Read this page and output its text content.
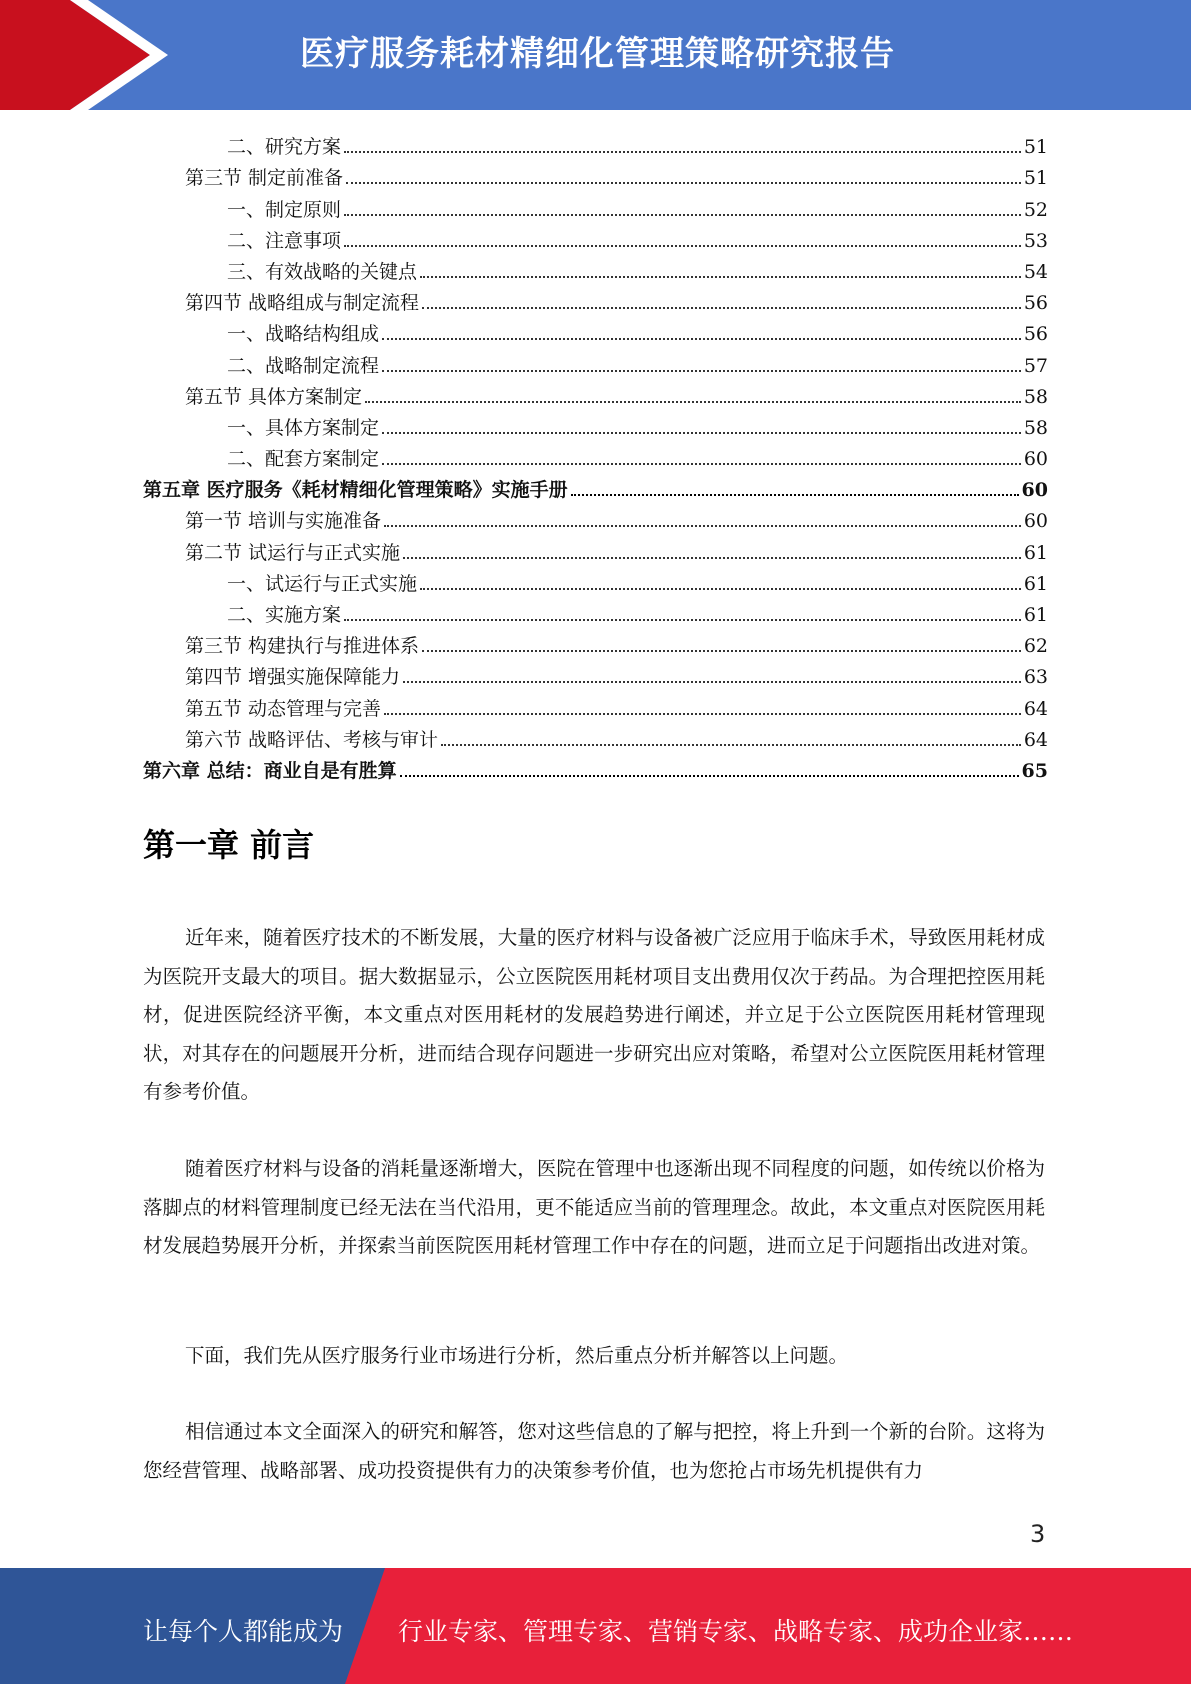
医疗服务耗材精细化管理策略研究报告
二、研究方案	51
第三节 制定前准备	51
一、制定原则	52
二、注意事项	53
三、有效战略的关键点	54
第四节 战略组成与制定流程	56
一、战略结构组成	56
二、战略制定流程	57
第五节 具体方案制定	58
一、具体方案制定	58
二、配套方案制定	60
第五章 医疗服务《耗材精细化管理策略》实施手册	60
第一节 培训与实施准备	60
第二节 试运行与正式实施	61
一、试运行与正式实施	61
二、实施方案	61
第三节 构建执行与推进体系	62
第四节 增强实施保障能力	63
第五节 动态管理与完善	64
第六节 战略评估、考核与审计	64
第六章 总结：商业自是有胜算	65
第一章 前言

近年来，随着医疗技术的不断发展，大量的医疗材料与设备被广泛应用于临床手术，导致医用耗材成为医院开支最大的项目。据大数据显示，公立医院医用耗材项目支出费用仅次于药品。为合理把控医用耗材，促进医院经济平衡，本文重点对医用耗材的发展趋势进行阐述，并立足于公立医院医用耗材管理现状，对其存在的问题展开分析，进而结合现存问题进一步研究出应对策略，希望对公立医院医用耗材管理有参考价值。

随着医疗材料与设备的消耗量逐渐增大，医院在管理中也逐渐出现不同程度的问题，如传统以价格为落脚点的材料管理制度已经无法在当代沿用，更不能适应当前的管理理念。故此，本文重点对医院医用耗材发展趋势展开分析，并探索当前医院医用耗材管理工作中存在的问题，进而立足于问题指出改进对策。

下面，我们先从医疗服务行业市场进行分析，然后重点分析并解答以上问题。

相信通过本文全面深入的研究和解答，您对这些信息的了解与把控，将上升到一个新的台阶。这将为您经营管理、战略部署、成功投资提供有力的决策参考价值，也为您抢占市场先机提供有力

3
让每个人都能成为 行业专家、管理专家、营销专家、战略专家、成功企业家……
